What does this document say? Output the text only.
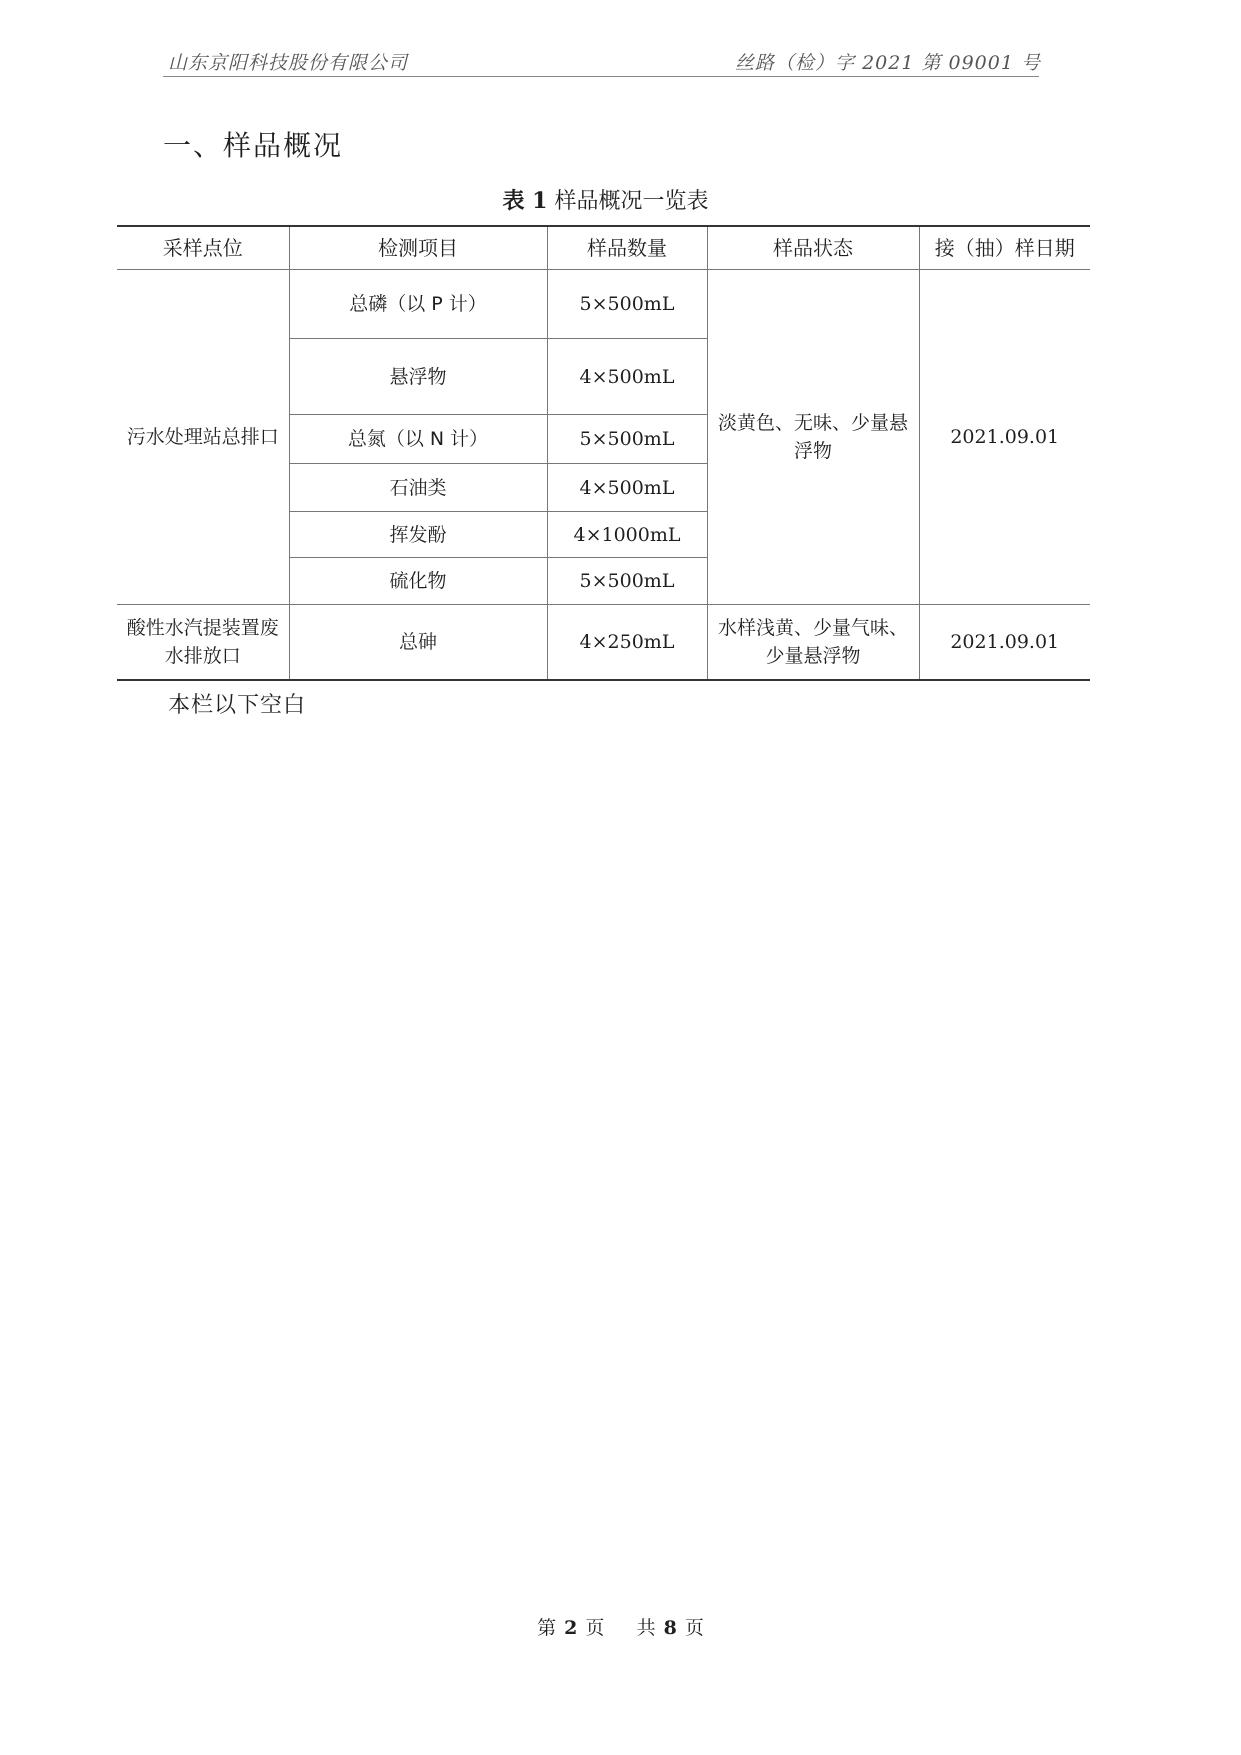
山东京阳科技股份有限公司	丝路（检）字 2021 第 09001 号
一、样品概况
表 1 样品概况一览表
采样点位	检测项目	样品数量	样品状态	接（抽）样日期
污水处理站总排口	总磷（以 P 计）	5×500mL	淡黄色、无味、少量悬浮物	2021.09.01
	悬浮物	4×500mL		
	总氮（以 N 计）	5×500mL		
	石油类	4×500mL		
	挥发酚	4×1000mL		
	硫化物	5×500mL		
酸性水汽提装置废水排放口	总砷	4×250mL	水样浅黄、少量气味、少量悬浮物	2021.09.01
本栏以下空白
第 2 页 共 8 页
